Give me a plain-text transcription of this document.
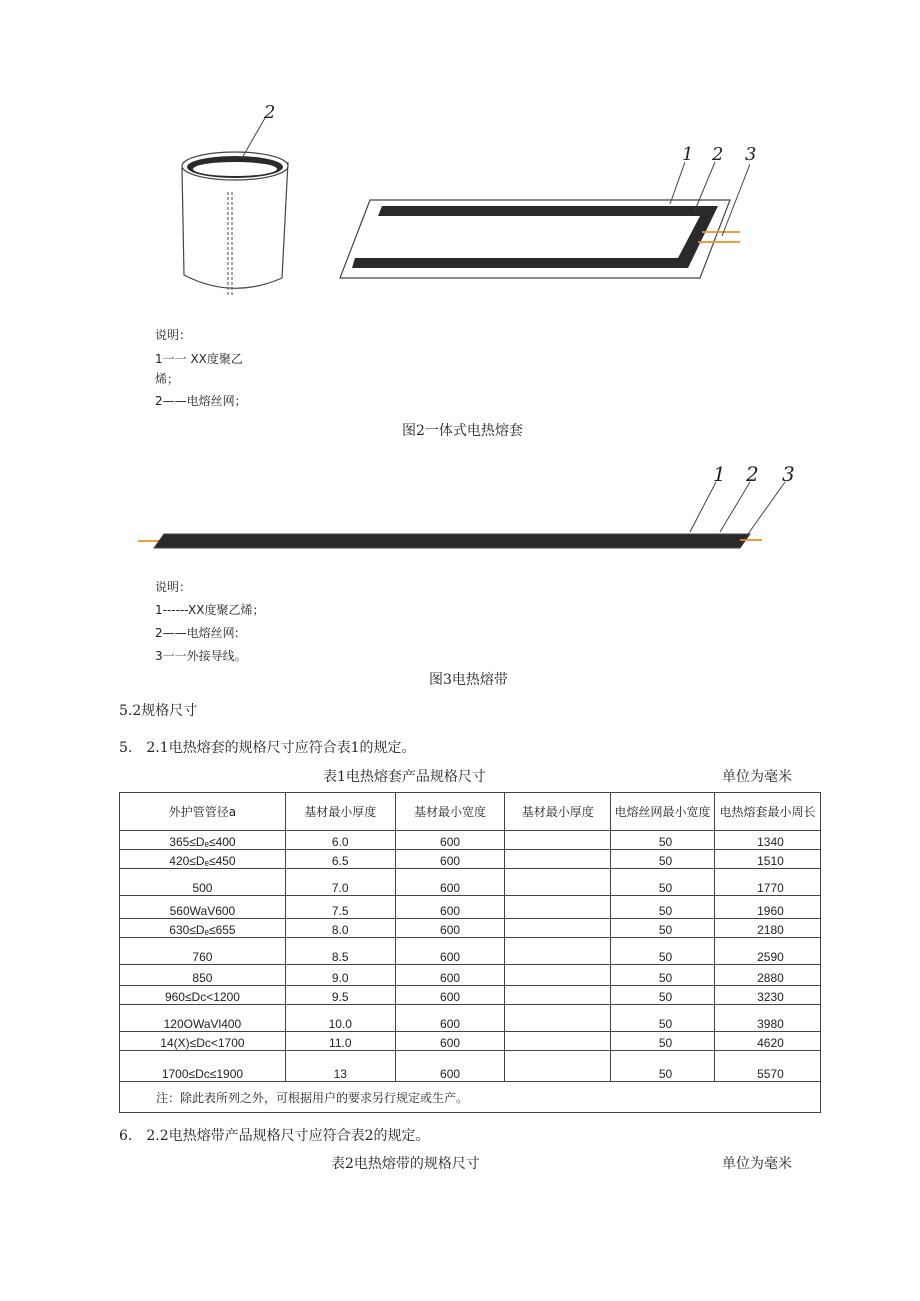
2
1 2 3
说明：
1一一 XX度聚乙
烯；
2——电熔丝网；
图2一体式电热熔套
1 2 3
说明：
1------XX度聚乙烯；
2——电熔丝网:
3一一外接导线。
图3电热熔带
5.2规格尺寸
5.　2.1电热熔套的规格尺寸应符合表1的规定。
表1电热熔套产品规格尺寸	单位为毫米
外护管管径a	基材最小厚度	基材最小宽度	基材最小厚度	电熔丝网最小宽度	电热熔套最小周长
365≤Dₑ≤400	6.0	600		50	1340
420≤Dₑ≤450	6.5	600		50	1510
500	7.0	600		50	1770
560WaV600	7.5	600		50	1960
630≤Dₑ≤655	8.0	600		50	2180
760	8.5	600		50	2590
850	9.0	600		50	2880
960≤Dc<1200	9.5	600		50	3230
120OWaVl400	10.0	600		50	3980
14(X)≤Dc<1700	11.0	600		50	4620
1700≤Dc≤1900	13	600		50	5570
注：除此表所列之外，可根据用户的要求另行规定或生产。					
6.　2.2电热熔带产品规格尺寸应符合表2的规定。
表2电热熔带的规格尺寸	单位为毫米
